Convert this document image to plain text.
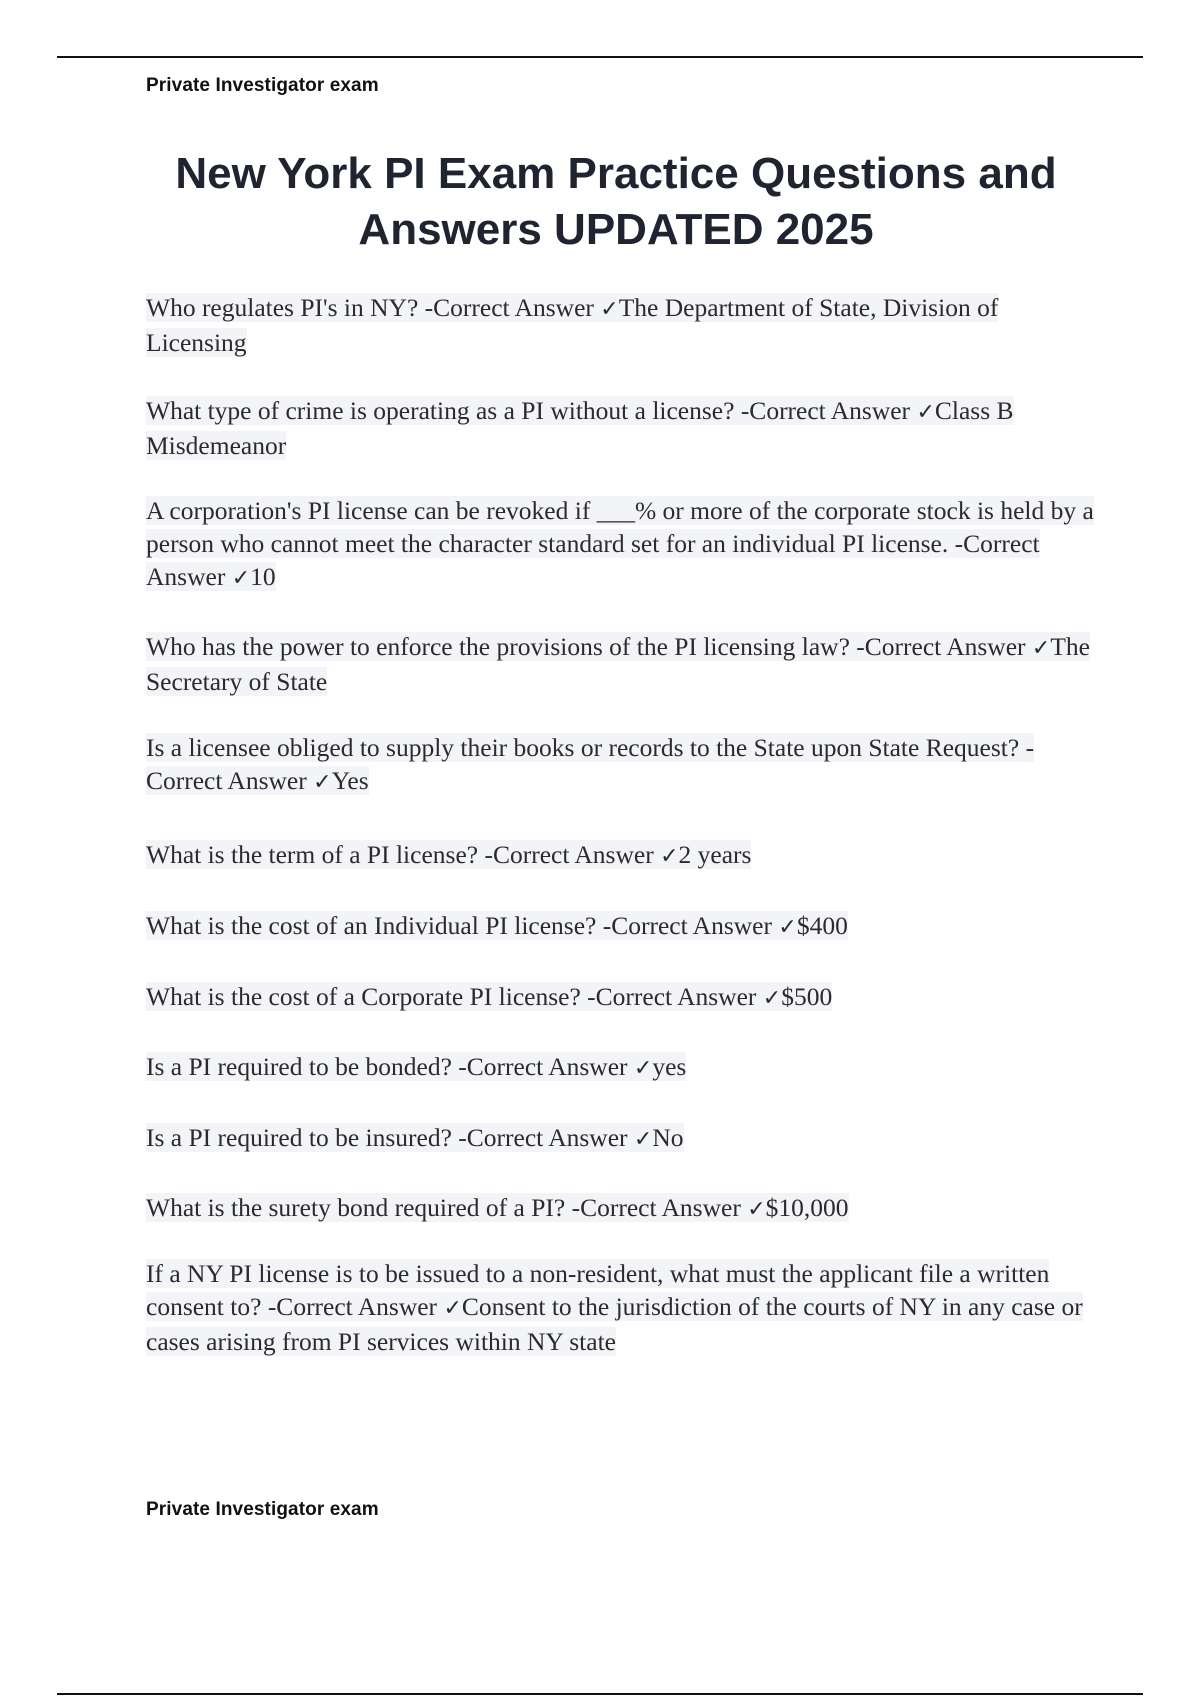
Private Investigator exam
New York PI Exam Practice Questions and Answers UPDATED 2025

Who regulates PI's in NY? -Correct Answer ✓The Department of State, Division of Licensing

What type of crime is operating as a PI without a license? -Correct Answer ✓Class B Misdemeanor

A corporation's PI license can be revoked if ___% or more of the corporate stock is held by a person who cannot meet the character standard set for an individual PI license. -Correct Answer ✓10

Who has the power to enforce the provisions of the PI licensing law? -Correct Answer ✓The Secretary of State

Is a licensee obliged to supply their books or records to the State upon State Request? -Correct Answer ✓Yes

What is the term of a PI license? -Correct Answer ✓2 years

What is the cost of an Individual PI license? -Correct Answer ✓$400

What is the cost of a Corporate PI license? -Correct Answer ✓$500

Is a PI required to be bonded? -Correct Answer ✓yes

Is a PI required to be insured? -Correct Answer ✓No

What is the surety bond required of a PI? -Correct Answer ✓$10,000

If a NY PI license is to be issued to a non-resident, what must the applicant file a written consent to? -Correct Answer ✓Consent to the jurisdiction of the courts of NY in any case or cases arising from PI services within NY state

Private Investigator exam
